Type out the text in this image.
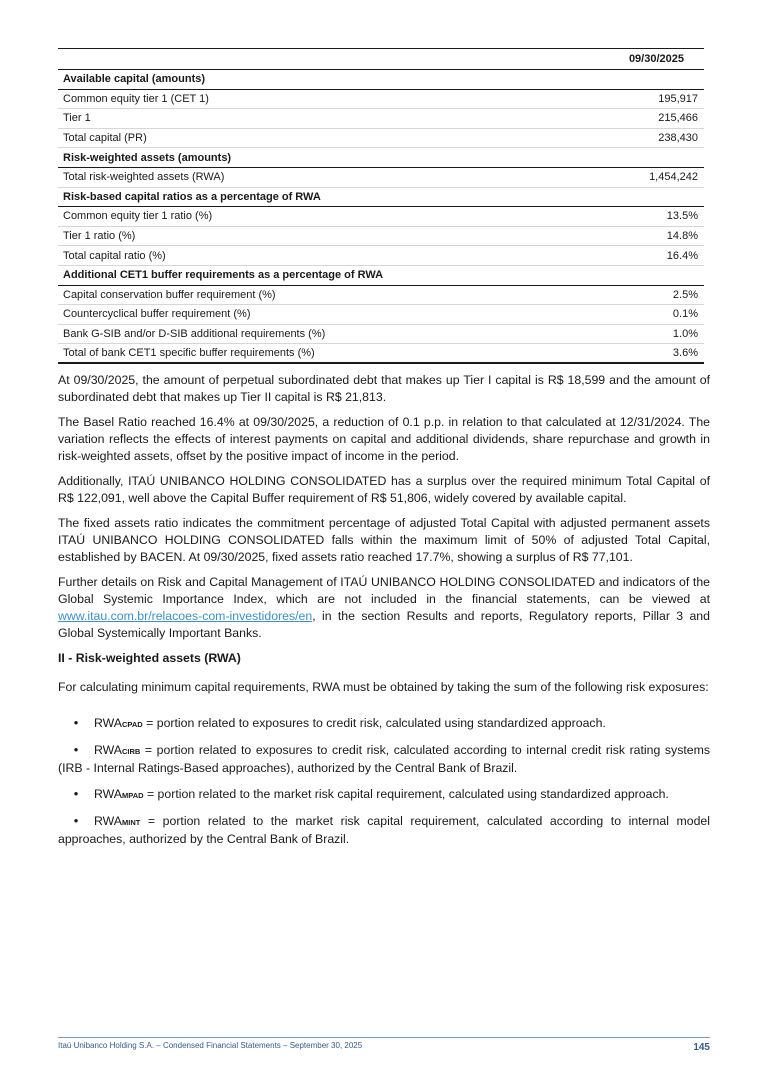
09/30/2025
Available capital (amounts)
Common equity tier 1 (CET 1)	195,917
Tier 1	215,466
Total capital (PR)	238,430
Risk-weighted assets (amounts)
Total risk-weighted assets (RWA)	1,454,242
Risk-based capital ratios as a percentage of RWA
Common equity tier 1 ratio (%)	13.5%
Tier 1 ratio (%)	14.8%
Total capital ratio (%)	16.4%
Additional CET1 buffer requirements as a percentage of RWA
Capital conservation buffer requirement (%)	2.5%
Countercyclical buffer requirement (%)	0.1%
Bank G-SIB and/or D-SIB additional requirements (%)	1.0%
Total of bank CET1 specific buffer requirements (%)	3.6%

At 09/30/2025, the amount of perpetual subordinated debt that makes up Tier I capital is R$ 18,599 and the amount of subordinated debt that makes up Tier II capital is R$ 21,813.

The Basel Ratio reached 16.4% at 09/30/2025, a reduction of 0.1 p.p. in relation to that calculated at 12/31/2024. The variation reflects the effects of interest payments on capital and additional dividends, share repurchase and growth in risk-weighted assets, offset by the positive impact of income in the period.

Additionally, ITAÚ UNIBANCO HOLDING CONSOLIDATED has a surplus over the required minimum Total Capital of R$ 122,091, well above the Capital Buffer requirement of R$ 51,806, widely covered by available capital.

The fixed assets ratio indicates the commitment percentage of adjusted Total Capital with adjusted permanent assets ITAÚ UNIBANCO HOLDING CONSOLIDATED falls within the maximum limit of 50% of adjusted Total Capital, established by BACEN. At 09/30/2025, fixed assets ratio reached 17.7%, showing a surplus of R$ 77,101.

Further details on Risk and Capital Management of ITAÚ UNIBANCO HOLDING CONSOLIDATED and indicators of the Global Systemic Importance Index, which are not included in the financial statements, can be viewed at www.itau.com.br/relacoes-com-investidores/en, in the section Results and reports, Regulatory reports, Pillar 3 and Global Systemically Important Banks.

II - Risk-weighted assets (RWA)

For calculating minimum capital requirements, RWA must be obtained by taking the sum of the following risk exposures:

• RWACPAD = portion related to exposures to credit risk, calculated using standardized approach.

• RWACIRB = portion related to exposures to credit risk, calculated according to internal credit risk rating systems (IRB - Internal Ratings-Based approaches), authorized by the Central Bank of Brazil.

• RWAMPAD = portion related to the market risk capital requirement, calculated using standardized approach.

• RWAMINT = portion related to the market risk capital requirement, calculated according to internal model approaches, authorized by the Central Bank of Brazil.

Itaú Unibanco Holding S.A. – Condensed Financial Statements – September 30, 2025	145
